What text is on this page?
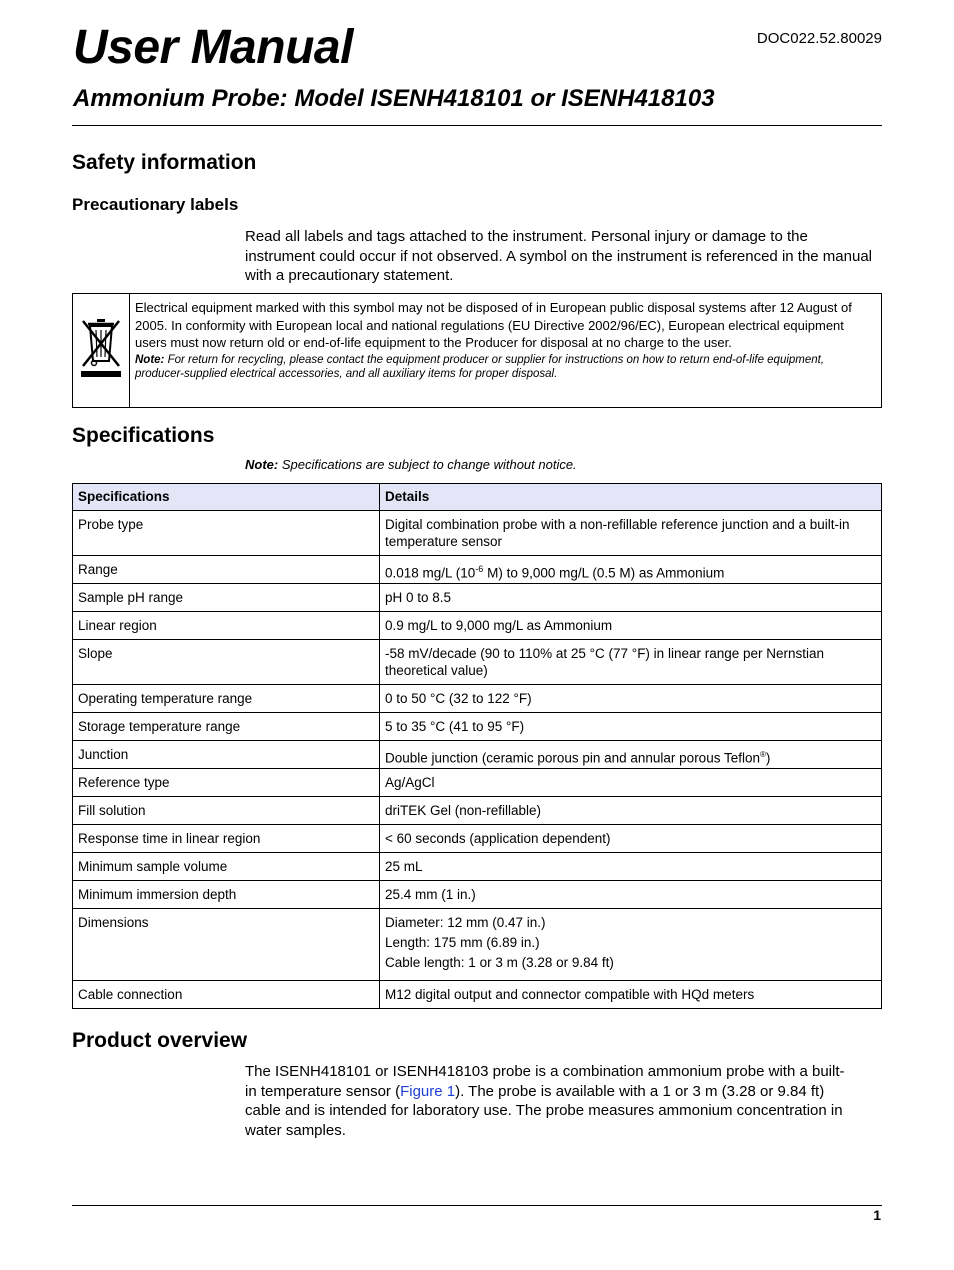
User Manual	DOC022.52.80029
Ammonium Probe: Model ISENH418101 or ISENH418103
Safety information
Precautionary labels

Read all labels and tags attached to the instrument. Personal injury or damage to the instrument could occur if not observed. A symbol on the instrument is referenced in the manual with a precautionary statement.

Electrical equipment marked with this symbol may not be disposed of in European public disposal systems after 12 August of 2005. In conformity with European local and national regulations (EU Directive 2002/96/EC), European electrical equipment users must now return old or end-of-life equipment to the Producer for disposal at no charge to the user.
Note: For return for recycling, please contact the equipment producer or supplier for instructions on how to return end-of-life equipment, producer-supplied electrical accessories, and all auxiliary items for proper disposal.
Specifications
Note: Specifications are subject to change without notice.
Specifications	Details
Probe type	Digital combination probe with a non-refillable reference junction and a built-in temperature sensor
Range	0.018 mg/L ($10^{-6}$ M) to 9,000 mg/L (0.5 M) as Ammonium
Sample pH range	pH 0 to 8.5
Linear region	0.9 mg/L to 9,000 mg/L as Ammonium
Slope	-58 mV/decade (90 to 110% at 25 °C (77 °F) in linear range per Nernstian theoretical value)
Operating temperature range	0 to 50 °C (32 to 122 °F)
Storage temperature range	5 to 35 °C (41 to 95 °F)
Junction	Double junction (ceramic porous pin and annular porous Teflon®)
Reference type	Ag/AgCl
Fill solution	driTEK Gel (non-refillable)
Response time in linear region	< 60 seconds (application dependent)
Minimum sample volume	25 mL
Minimum immersion depth	25.4 mm (1 in.)
Dimensions	Diameter: 12 mm (0.47 in.)
Length: 175 mm (6.89 in.)
Cable length: 1 or 3 m (3.28 or 9.84 ft)

Cable connection	M12 digital output and connector compatible with HQd meters
Product overview

The ISENH418101 or ISENH418103 probe is a combination ammonium probe with a built-in temperature sensor (Figure 1). The probe is available with a 1 or 3 m (3.28 or 9.84 ft) cable and is intended for laboratory use. The probe measures ammonium concentration in water samples.

1
